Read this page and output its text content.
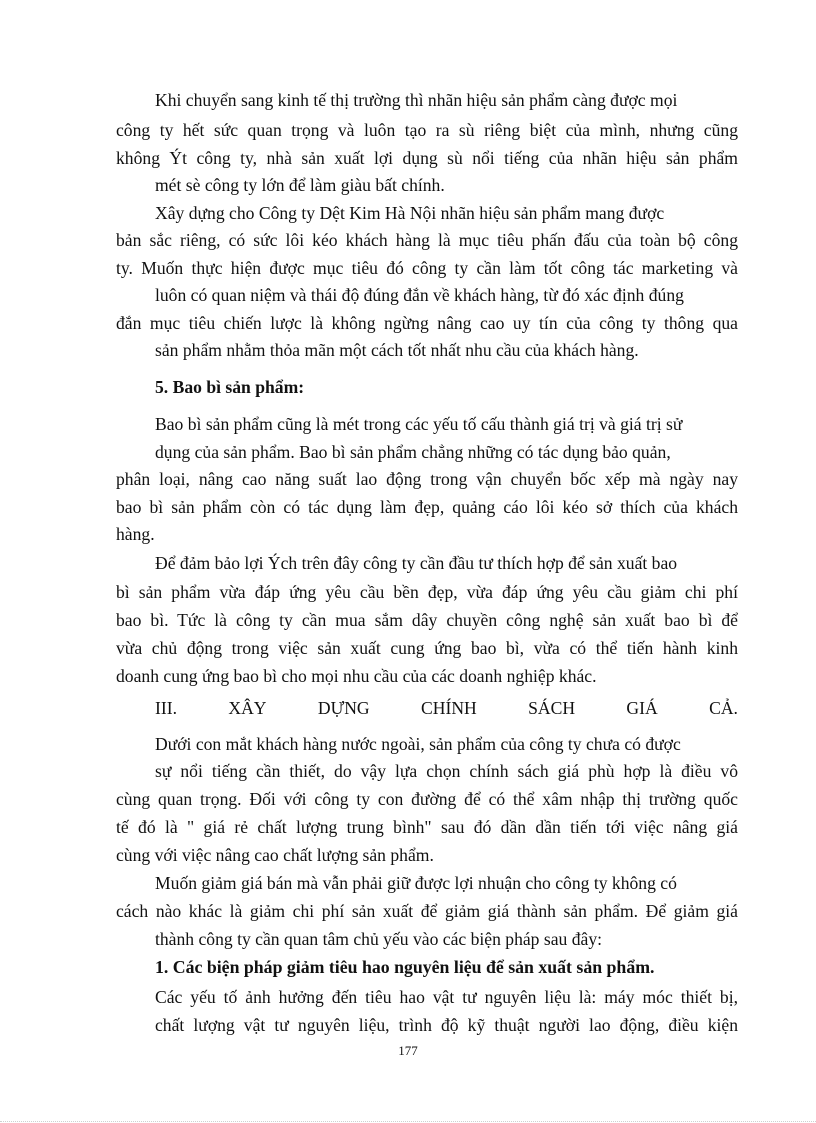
Khi chuyển sang kinh tế thị trường thì nhãn hiệu sản phẩm càng được mọi
công ty hết sức quan trọng và luôn tạo ra sù riêng biệt của mình, nhưng cũng
không Ýt công ty, nhà sản xuất lợi dụng sù nổi tiếng của nhãn hiệu sản phẩm
mét sè công ty lớn để làm giàu bất chính.
Xây dựng cho Công ty Dệt Kim Hà Nội nhãn hiệu sản phẩm mang được
bản sắc riêng, có sức lôi kéo khách hàng là mục tiêu phấn đấu của toàn bộ công
ty. Muốn thực hiện được mục tiêu đó công ty cần làm tốt công tác marketing và
luôn có quan niệm và thái độ đúng đắn về khách hàng, từ đó xác định đúng
đắn mục tiêu chiến lược là không ngừng nâng cao uy tín của công ty thông qua
sản phẩm nhằm thỏa mãn một cách tốt nhất nhu cầu của khách hàng.
5. Bao bì sản phẩm:
Bao bì sản phẩm cũng là mét trong các yếu tố cấu thành giá trị và giá trị sử
dụng của sản phẩm. Bao bì sản phẩm chẳng những có tác dụng bảo quản,
phân loại, nâng cao năng suất lao động trong vận chuyển bốc xếp mà ngày nay
bao bì sản phẩm còn có tác dụng làm đẹp, quảng cáo lôi kéo sở thích của khách
hàng.
Để đảm bảo lợi Ých trên đây công ty cần đầu tư thích hợp để sản xuất bao
bì sản phẩm vừa đáp ứng yêu cầu bền đẹp, vừa đáp ứng yêu cầu giảm chi phí
bao bì. Tức là công ty cần mua sắm dây chuyền công nghệ sản xuất bao bì để
vừa chủ động trong việc sản xuất cung ứng bao bì, vừa có thể tiến hành kinh
doanh cung ứng bao bì cho mọi nhu cầu của các doanh nghiệp khác.
III.	XÂY	DỰNG	CHÍNH	SÁCH	GIÁ	CẢ.
Dưới con mắt khách hàng nước ngoài, sản phẩm của công ty chưa có được
sự nổi tiếng cần thiết, do vậy lựa chọn chính sách giá phù hợp là điều vô
cùng quan trọng. Đối với công ty con đường để có thể xâm nhập thị trường quốc
tế đó là " giá rẻ chất lượng trung bình" sau đó dần dần tiến tới việc nâng giá
cùng với việc nâng cao chất lượng sản phẩm.
Muốn giảm giá bán mà vẫn phải giữ được lợi nhuận cho công ty không có
cách nào khác là giảm chi phí sản xuất để giảm giá thành sản phẩm. Để giảm giá
thành công ty cần quan tâm chủ yếu vào các biện pháp sau đây:
1. Các biện pháp giảm tiêu hao nguyên liệu để sản xuất sản phẩm.
Các yếu tố ảnh hưởng đến tiêu hao vật tư nguyên liệu là: máy móc thiết bị,
chất lượng vật tư nguyên liệu, trình độ kỹ thuật người lao động, điều kiện
177
